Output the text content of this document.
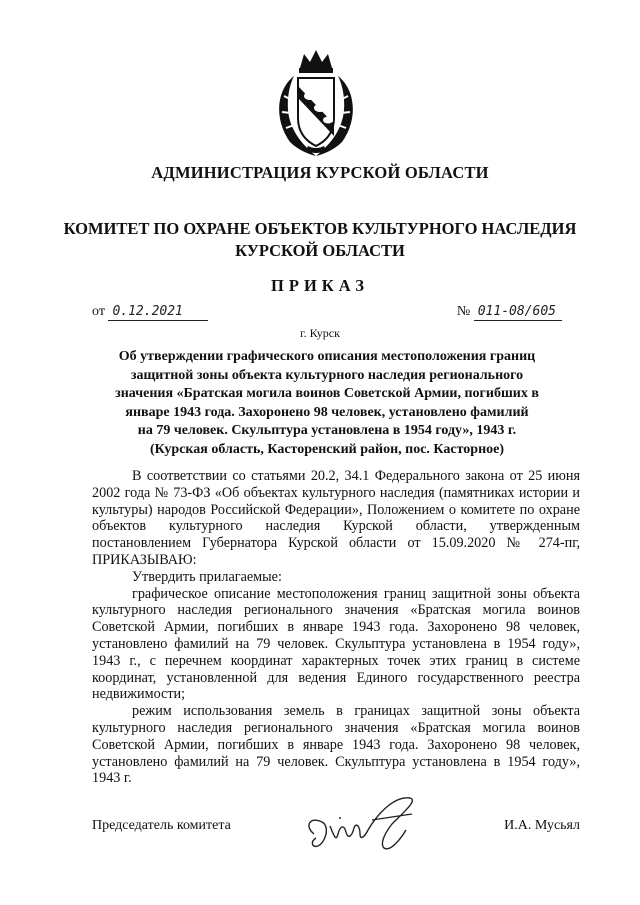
АДМИНИСТРАЦИЯ КУРСКОЙ ОБЛАСТИ
КОМИТЕТ ПО ОХРАНЕ ОБЪЕКТОВ КУЛЬТУРНОГО НАСЛЕДИЯ
КУРСКОЙ ОБЛАСТИ
ПРИКАЗ
от 0.12.2021	№ 011-08/605
г. Курск
Об утверждении графического описания местоположения границ
защитной зоны объекта культурного наследия регионального
значения «Братская могила воинов Советской Армии, погибших в
январе 1943 года. Захоронено 98 человек, установлено фамилий
на 79 человек. Скульптура установлена в 1954 году», 1943 г.
(Курская область, Касторенский район, пос. Касторное)

В соответствии со статьями 20.2, 34.1 Федерального закона от 25 июня 2002 года № 73-ФЗ «Об объектах культурного наследия (памятниках истории и культуры) народов Российской Федерации», Положением о комитете по охране объектов культурного наследия Курской области, утвержденным постановлением Губернатора Курской области от 15.09.2020 № 274-пг, ПРИКАЗЫВАЮ:

Утвердить прилагаемые:

графическое описание местоположения границ защитной зоны объекта культурного наследия регионального значения «Братская могила воинов Советской Армии, погибших в январе 1943 года. Захоронено 98 человек, установлено фамилий на 79 человек. Скульптура установлена в 1954 году», 1943 г., с перечнем координат характерных точек этих границ в системе координат, установленной для ведения Единого государственного реестра недвижимости;

режим использования земель в границах защитной зоны объекта культурного наследия регионального значения «Братская могила воинов Советской Армии, погибших в январе 1943 года. Захоронено 98 человек, установлено фамилий на 79 человек. Скульптура установлена в 1954 году», 1943 г.

Председатель комитета	И.А. Мусьял
